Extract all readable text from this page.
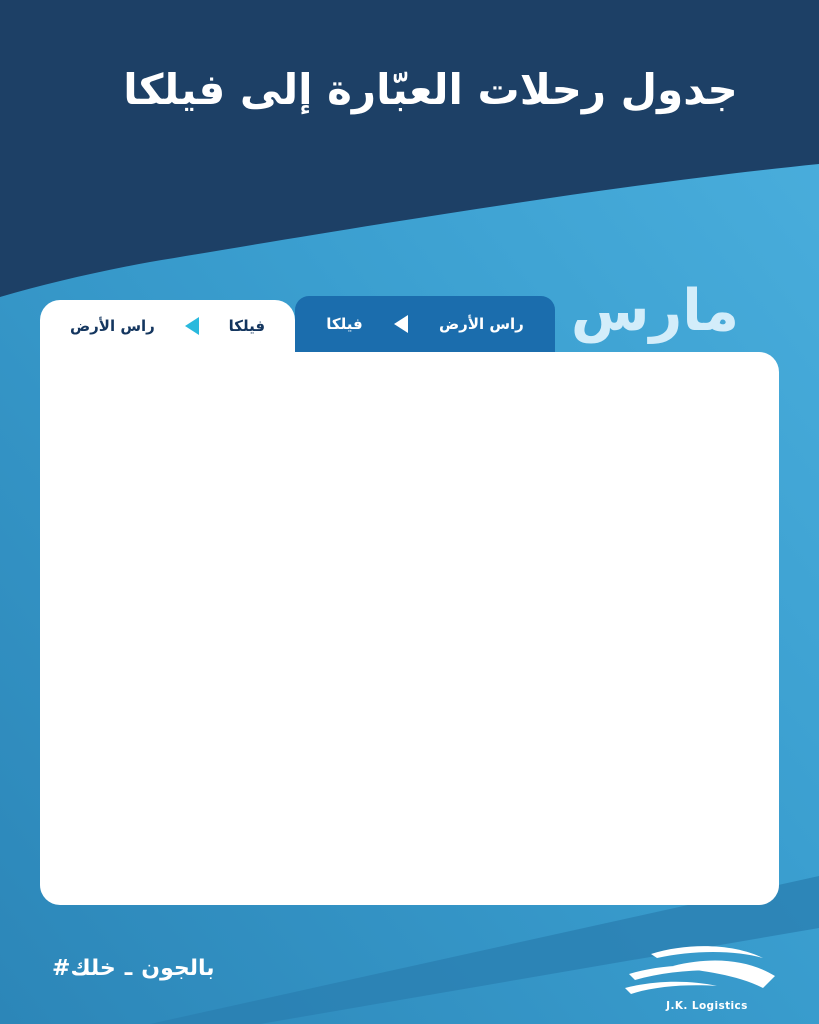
جدول رحلات العبّارة إلى فيلكا
مارس
فيلكا
راس الأرض	راس الأرض
فيلكا
#خلك ـ بالجون
J.K. Logistics
